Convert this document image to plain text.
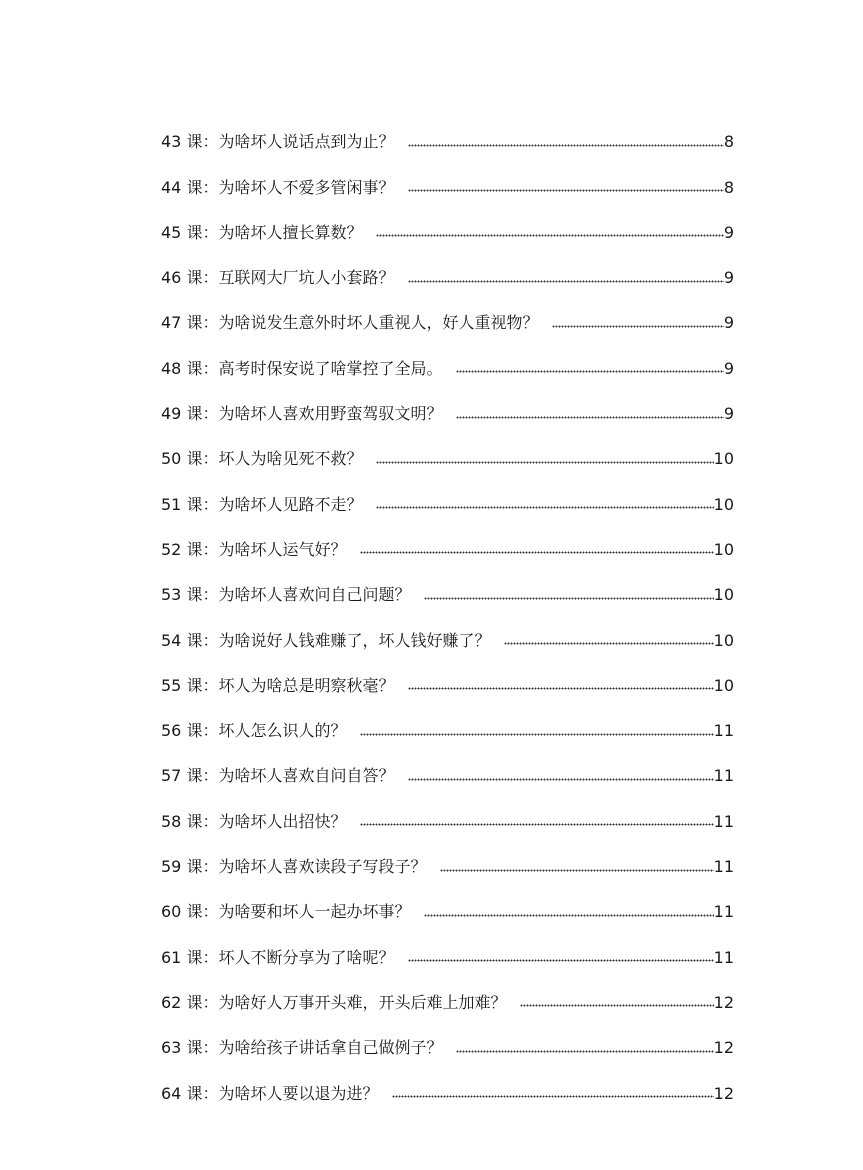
43 课： 为啥坏人说话点到为止？	8
44 课： 为啥坏人不爱多管闲事？	8
45 课： 为啥坏人擅长算数？	9
46 课： 互联网大厂坑人小套路？	9
47 课： 为啥说发生意外时坏人重视人，好人重视物？	9
48 课： 高考时保安说了啥掌控了全局。	9
49 课： 为啥坏人喜欢用野蛮驾驭文明？	9
50 课： 坏人为啥见死不救？	10
51 课： 为啥坏人见路不走？	10
52 课： 为啥坏人运气好？	10
53 课： 为啥坏人喜欢问自己问题？	10
54 课： 为啥说好人钱难赚了，坏人钱好赚了？	10
55 课： 坏人为啥总是明察秋毫？	10
56 课： 坏人怎么识人的？	11
57 课： 为啥坏人喜欢自问自答？	11
58 课： 为啥坏人出招快？	11
59 课： 为啥坏人喜欢读段子写段子？	11
60 课： 为啥要和坏人一起办坏事？	11
61 课： 坏人不断分享为了啥呢？	11
62 课： 为啥好人万事开头难，开头后难上加难？	12
63 课： 为啥给孩子讲话拿自己做例子？	12
64 课： 为啥坏人要以退为进？	12
